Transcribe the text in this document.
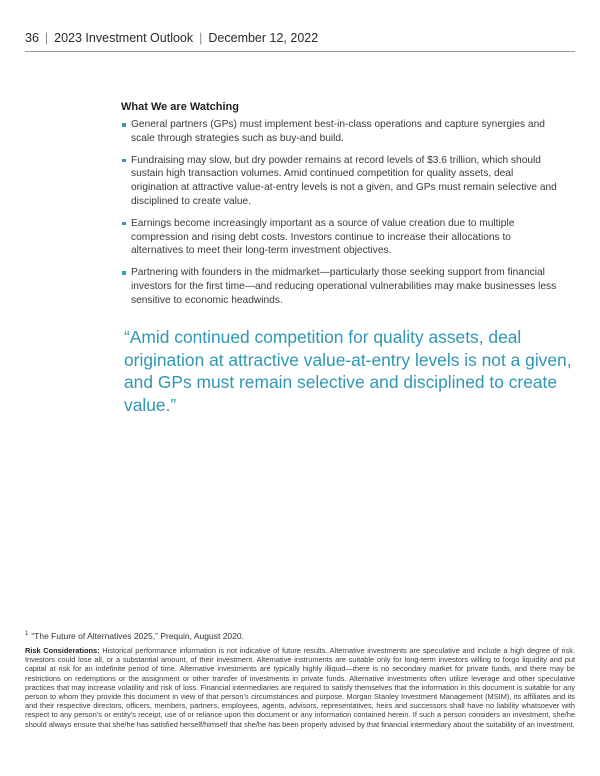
36 | 2023 Investment Outlook | December 12, 2022
What We are Watching
General partners (GPs) must implement best-in-class operations and capture synergies and scale through strategies such as buy-and build.
Fundraising may slow, but dry powder remains at record levels of $3.6 trillion, which should sustain high transaction volumes. Amid continued competition for quality assets, deal origination at attractive value-at-entry levels is not a given, and GPs must remain selective and disciplined to create value.
Earnings become increasingly important as a source of value creation due to multiple compression and rising debt costs. Investors continue to increase their allocations to alternatives to meet their long-term investment objectives.
Partnering with founders in the midmarket—particularly those seeking support from financial investors for the first time—and reducing operational vulnerabilities may make businesses less sensitive to economic headwinds.

“Amid continued competition for quality assets, deal origination at attractive value-at-entry levels is not a given, and GPs must remain selective and disciplined to create value.”

$^1$ “The Future of Alternatives 2025,” Prequin, August 2020.

Risk Considerations: Historical performance information is not indicative of future results. Alternative investments are speculative and include a high degree of risk. Investors could lose all, or a substantial amount, of their investment. Alternative instruments are suitable only for long-term investors willing to forgo liquidity and put capital at risk for an indefinite period of time. Alternative investments are typically highly illiquid—there is no secondary market for private funds, and there may be restrictions on redemptions or the assignment or other transfer of investments in private funds. Alternative investments often utilize leverage and other speculative practices that may increase volatility and risk of loss. Financial intermediaries are required to satisfy themselves that the information in this document is suitable for any person to whom they provide this document in view of that person’s circumstances and purpose. Morgan Stanley Investment Management (MSIM), its affiliates and its and their respective directors, officers, members, partners, employees, agents, advisors, representatives, heirs and successors shall have no liability whatsoever with respect to any person’s or entity’s receipt, use of or reliance upon this document or any information contained herein. If such a person considers an investment, she/he should always ensure that she/he has satisfied herself/himself that she/he has been properly advised by that financial intermediary about the suitability of an investment.
